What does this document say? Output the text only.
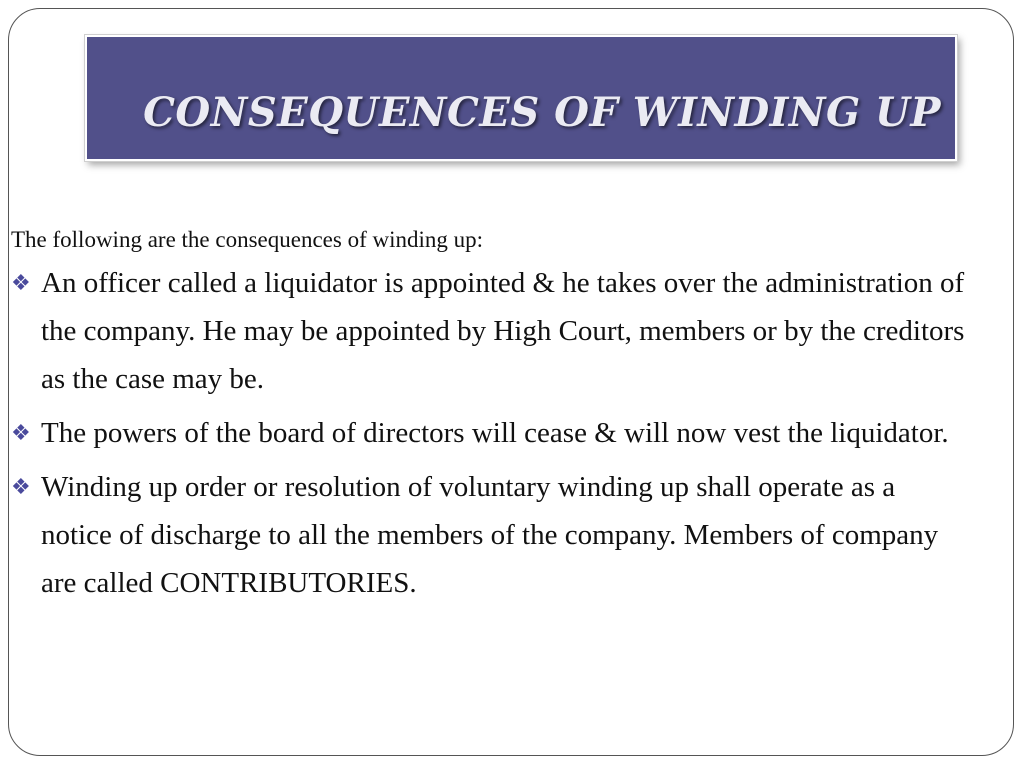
CONSEQUENCES OF WINDING UP

The following are the consequences of winding up:

❖ An officer called a liquidator is appointed & he takes over the administration of the company. He may be appointed by High Court, members or by the creditors as the case may be.
❖ The powers of the board of directors will cease & will now vest the liquidator.
❖ Winding up order or resolution of voluntary winding up shall operate as a notice of discharge to all the members of the company. Members of company are called CONTRIBUTORIES.
